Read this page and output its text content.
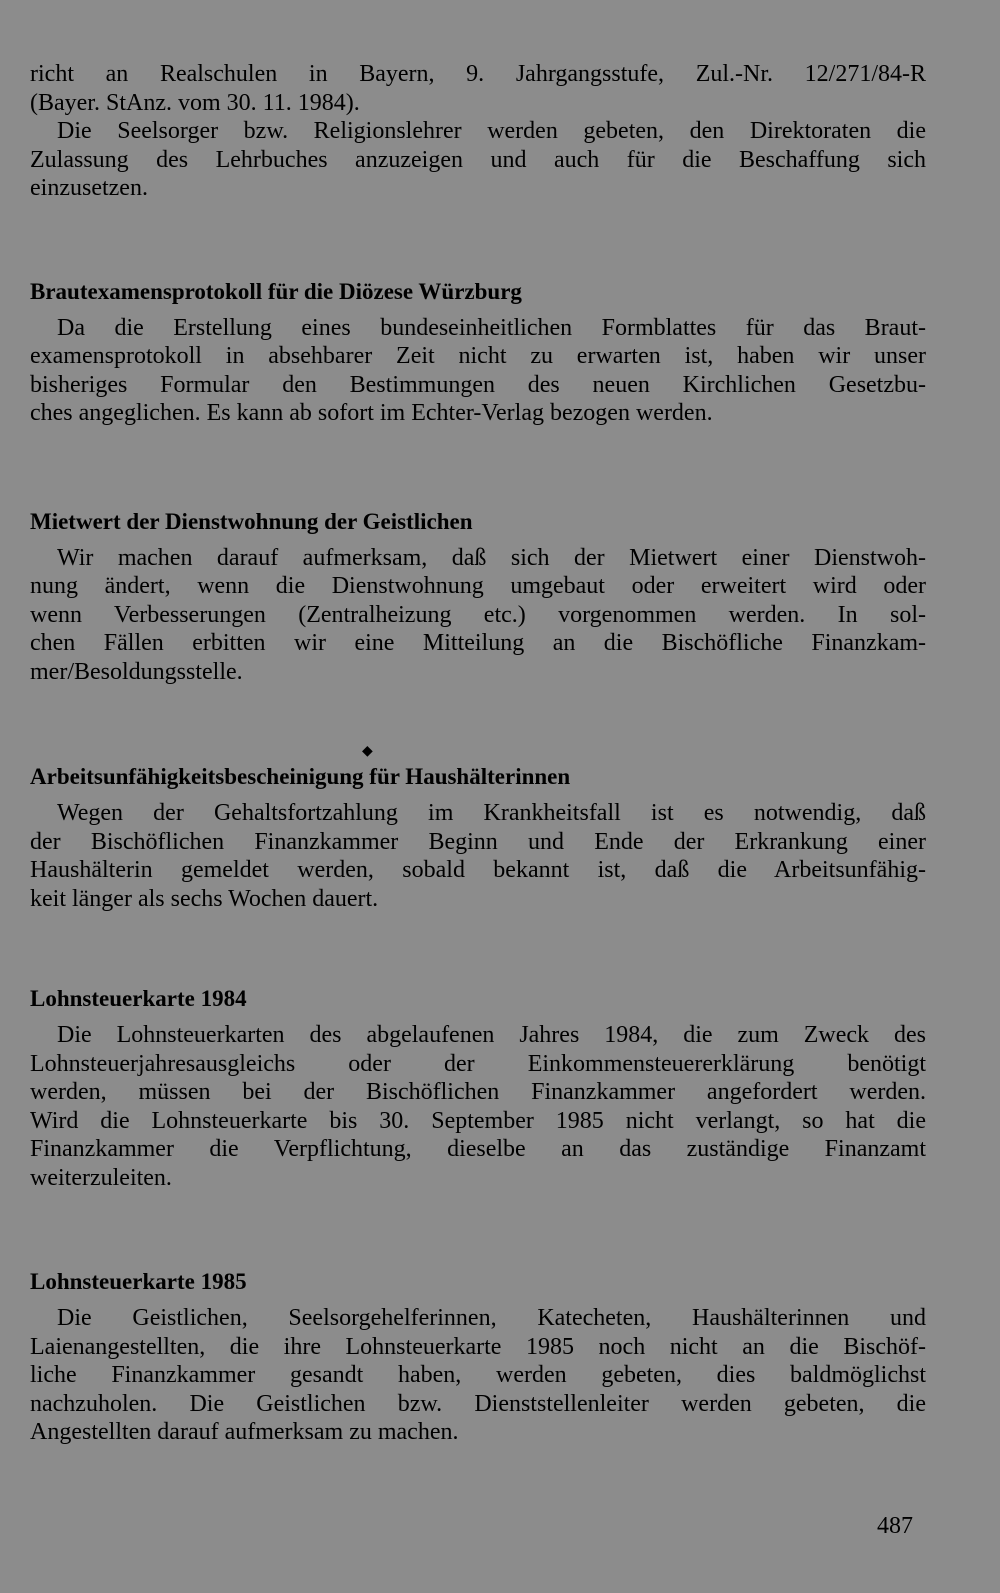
richt an Realschulen in Bayern, 9. Jahrgangsstufe, Zul.-Nr. 12/271/84-R
(Bayer. StAnz. vom 30. 11. 1984).
Die Seelsorger bzw. Religionslehrer werden gebeten, den Direktoraten die
Zulassung des Lehrbuches anzuzeigen und auch für die Beschaffung sich
einzusetzen.
Brautexamensprotokoll für die Diözese Würzburg
Da die Erstellung eines bundeseinheitlichen Formblattes für das Braut-
examensprotokoll in absehbarer Zeit nicht zu erwarten ist, haben wir unser
bisheriges Formular den Bestimmungen des neuen Kirchlichen Gesetzbu-
ches angeglichen. Es kann ab sofort im Echter-Verlag bezogen werden.
Mietwert der Dienstwohnung der Geistlichen
Wir machen darauf aufmerksam, daß sich der Mietwert einer Dienstwoh-
nung ändert, wenn die Dienstwohnung umgebaut oder erweitert wird oder
wenn Verbesserungen (Zentralheizung etc.) vorgenommen werden. In sol-
chen Fällen erbitten wir eine Mitteilung an die Bischöfliche Finanzkam-
mer/Besoldungsstelle.
Arbeitsunfähigkeitsbescheinigung für Haushälterinnen
Wegen der Gehaltsfortzahlung im Krankheitsfall ist es notwendig, daß
der Bischöflichen Finanzkammer Beginn und Ende der Erkrankung einer
Haushälterin gemeldet werden, sobald bekannt ist, daß die Arbeitsunfähig-
keit länger als sechs Wochen dauert.
Lohnsteuerkarte 1984
Die Lohnsteuerkarten des abgelaufenen Jahres 1984, die zum Zweck des
Lohnsteuerjahresausgleichs oder der Einkommensteuererklärung benötigt
werden, müssen bei der Bischöflichen Finanzkammer angefordert werden.
Wird die Lohnsteuerkarte bis 30. September 1985 nicht verlangt, so hat die
Finanzkammer die Verpflichtung, dieselbe an das zuständige Finanzamt
weiterzuleiten.
Lohnsteuerkarte 1985
Die Geistlichen, Seelsorgehelferinnen, Katecheten, Haushälterinnen und
Laienangestellten, die ihre Lohnsteuerkarte 1985 noch nicht an die Bischöf-
liche Finanzkammer gesandt haben, werden gebeten, dies baldmöglichst
nachzuholen. Die Geistlichen bzw. Dienststellenleiter werden gebeten, die
Angestellten darauf aufmerksam zu machen.
◆
487
